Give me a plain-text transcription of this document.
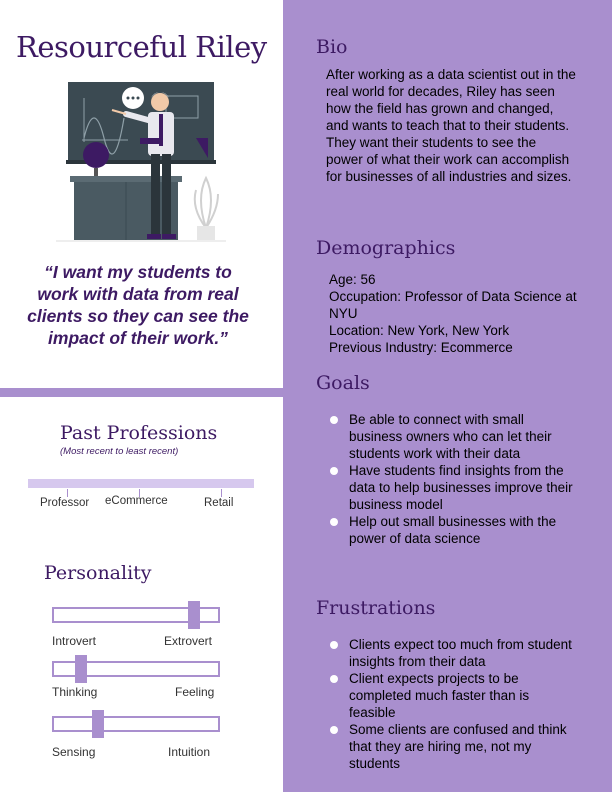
Resourceful Riley
“I want my students to work with data from real clients so they can see the impact of their work.”
Past Professions
(Most recent to least recent)
Professor eCommerce	Retail
Personality
Introvert	Extrovert
Thinking	Feeling
Sensing	Intuition
Bio
After working as a data scientist out in the real world for decades, Riley has seen how the field has grown and changed, and wants to teach that to their students. They want their students to see the power of what their work can accomplish for businesses of all industries and sizes.
Demographics
Age: 56
Occupation: Professor of Data Science at NYU
Location: New York, New York
Previous Industry: Ecommerce
Goals
Be able to connect with small business owners who can let their students work with their data
Have students find insights from the data to help businesses improve their business model
Help out small businesses with the power of data science
Frustrations
Clients expect too much from student insights from their data
Client expects projects to be completed much faster than is feasible
Some clients are confused and think that they are hiring me, not my students
